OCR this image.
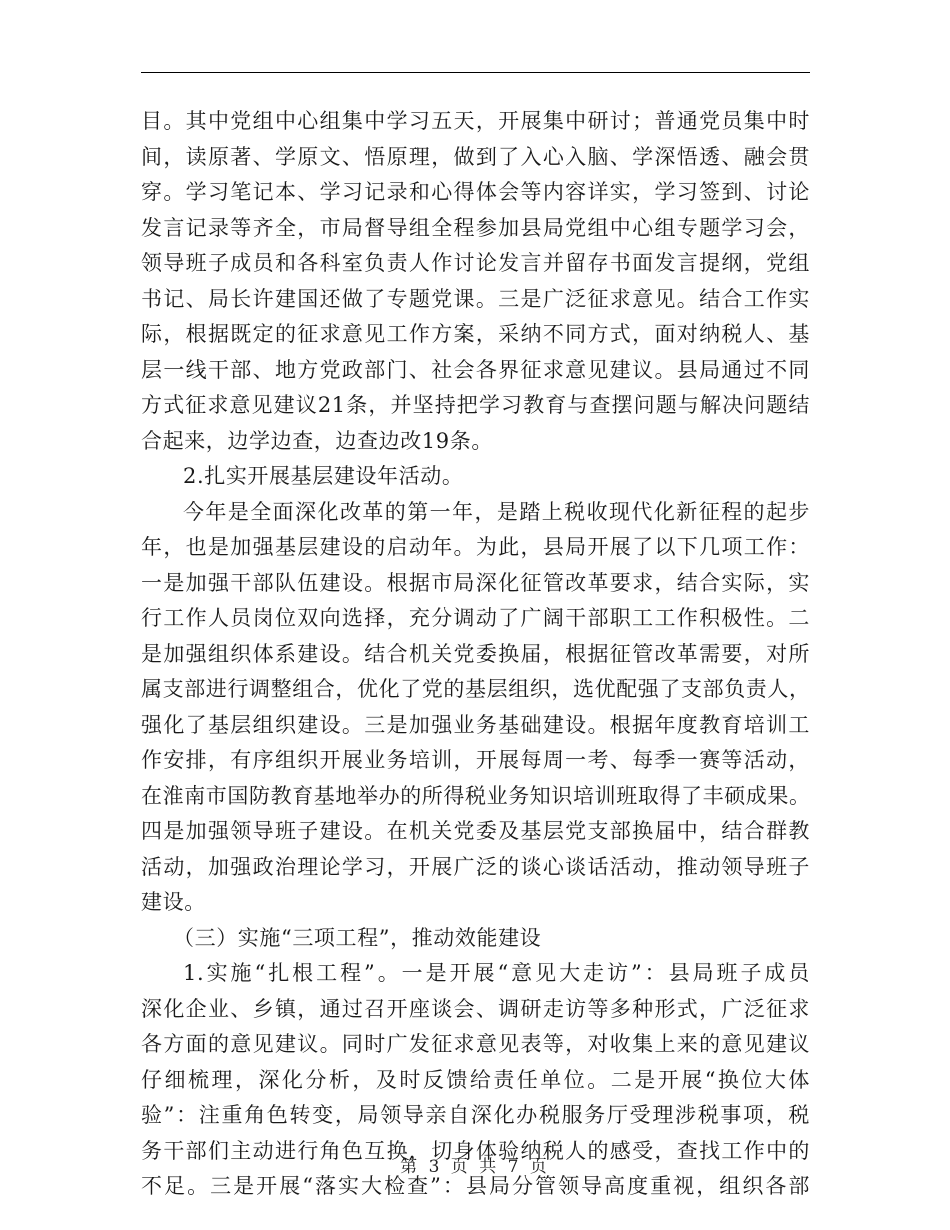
目。其中党组中心组集中学习五天，开展集中研讨；普通党员集中时
间，读原著、学原文、悟原理，做到了入心入脑、学深悟透、融会贯
穿。学习笔记本、学习记录和心得体会等内容详实，学习签到、讨论
发言记录等齐全，市局督导组全程参加县局党组中心组专题学习会，
领导班子成员和各科室负责人作讨论发言并留存书面发言提纲，党组
书记、局长许建国还做了专题党课。三是广泛征求意见。结合工作实
际，根据既定的征求意见工作方案，采纳不同方式，面对纳税人、基
层一线干部、地方党政部门、社会各界征求意见建议。县局通过不同
方式征求意见建议21条，并坚持把学习教育与查摆问题与解决问题结
合起来，边学边查，边查边改19条。
2.扎实开展基层建设年活动。
今年是全面深化改革的第一年，是踏上税收现代化新征程的起步
年，也是加强基层建设的启动年。为此，县局开展了以下几项工作：
一是加强干部队伍建设。根据市局深化征管改革要求，结合实际，实
行工作人员岗位双向选择，充分调动了广阔干部职工工作积极性。二
是加强组织体系建设。结合机关党委换届，根据征管改革需要，对所
属支部进行调整组合，优化了党的基层组织，选优配强了支部负责人，
强化了基层组织建设。三是加强业务基础建设。根据年度教育培训工
作安排，有序组织开展业务培训，开展每周一考、每季一赛等活动，
在淮南市国防教育基地举办的所得税业务知识培训班取得了丰硕成果。
四是加强领导班子建设。在机关党委及基层党支部换届中，结合群教
活动，加强政治理论学习，开展广泛的谈心谈话活动，推动领导班子
建设。
（三）实施“三项工程”，推动效能建设
1.实施“扎根工程”。一是开展“意见大走访”：县局班子成员
深化企业、乡镇，通过召开座谈会、调研走访等多种形式，广泛征求
各方面的意见建议。同时广发征求意见表等，对收集上来的意见建议
仔细梳理，深化分析，及时反馈给责任单位。二是开展“换位大体
验”：注重角色转变，局领导亲自深化办税服务厅受理涉税事项，税
务干部们主动进行角色互换，切身体验纳税人的感受，查找工作中的
不足。三是开展“落实大检查”：县局分管领导高度重视，组织各部
第 3 页 共 7 页
